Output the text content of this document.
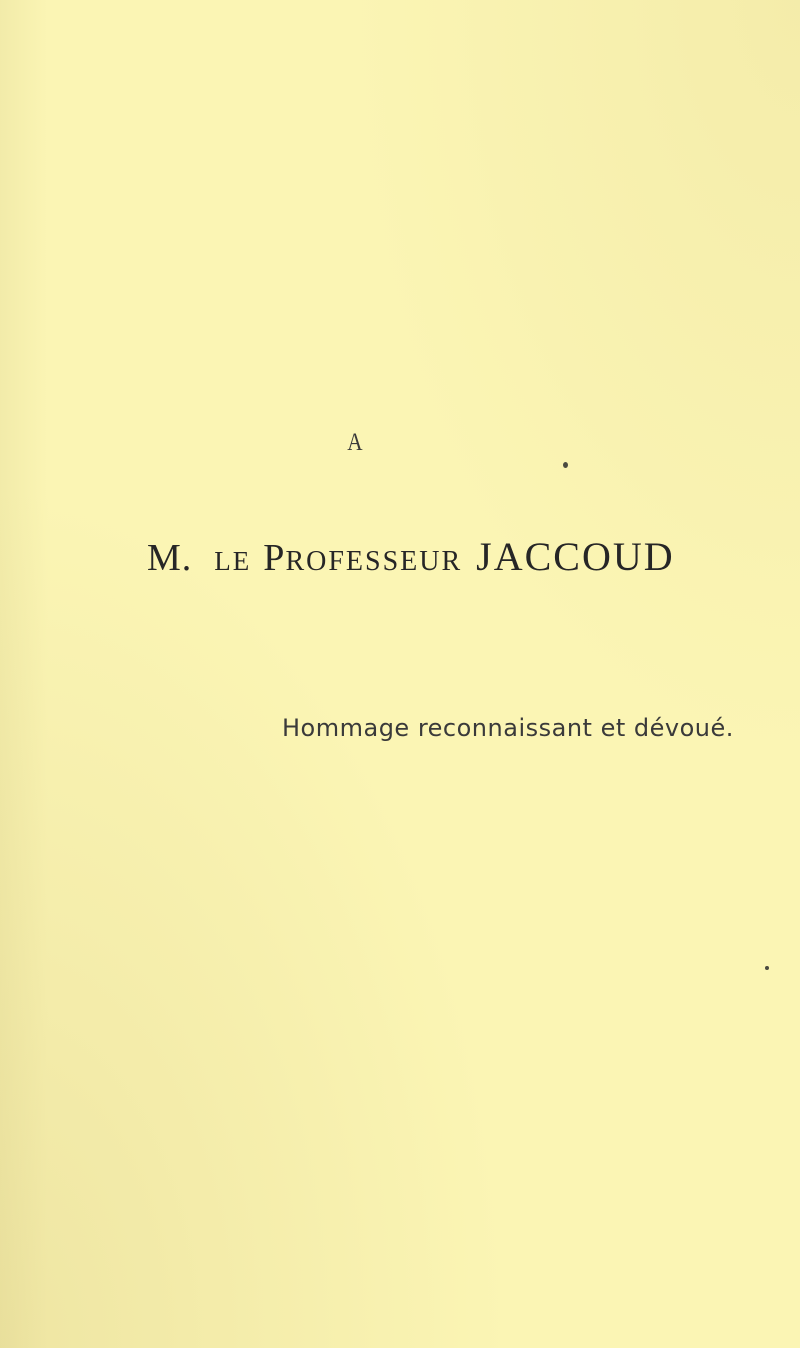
A
M. LE PROFESSEUR JACCOUD
Hommage reconnaissant et dévoué.
